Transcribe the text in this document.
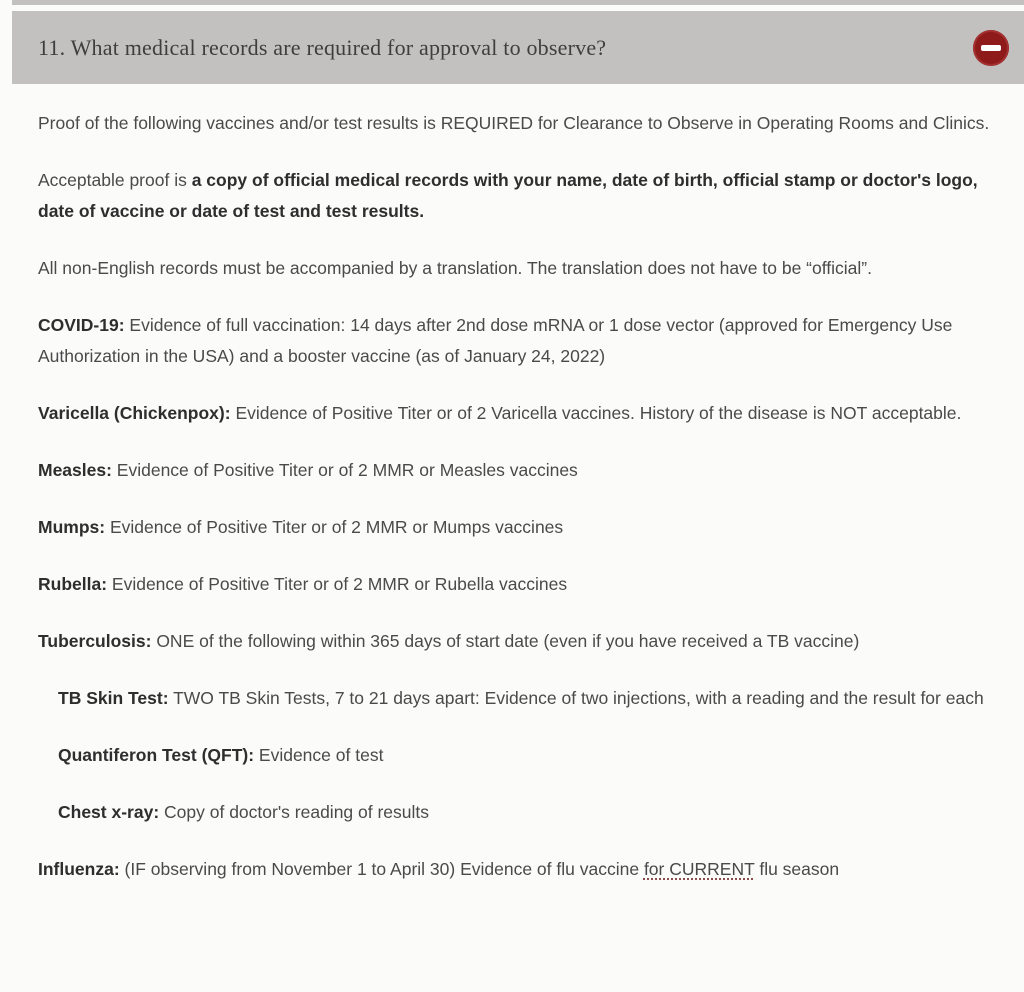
11. What medical records are required for approval to observe?

Proof of the following vaccines and/or test results is REQUIRED for Clearance to Observe in Operating Rooms and Clinics.

Acceptable proof is a copy of official medical records with your name, date of birth, official stamp or doctor's logo, date of vaccine or date of test and test results.

All non-English records must be accompanied by a translation. The translation does not have to be “official”.

COVID-19: Evidence of full vaccination: 14 days after 2nd dose mRNA or 1 dose vector (approved for Emergency Use Authorization in the USA) and a booster vaccine (as of January 24, 2022)

Varicella (Chickenpox): Evidence of Positive Titer or of 2 Varicella vaccines. History of the disease is NOT acceptable.

Measles: Evidence of Positive Titer or of 2 MMR or Measles vaccines

Mumps: Evidence of Positive Titer or of 2 MMR or Mumps vaccines

Rubella: Evidence of Positive Titer or of 2 MMR or Rubella vaccines

Tuberculosis: ONE of the following within 365 days of start date (even if you have received a TB vaccine)

TB Skin Test: TWO TB Skin Tests, 7 to 21 days apart: Evidence of two injections, with a reading and the result for each

Quantiferon Test (QFT): Evidence of test

Chest x-ray: Copy of doctor's reading of results

Influenza: (IF observing from November 1 to April 30) Evidence of flu vaccine for CURRENT flu season
